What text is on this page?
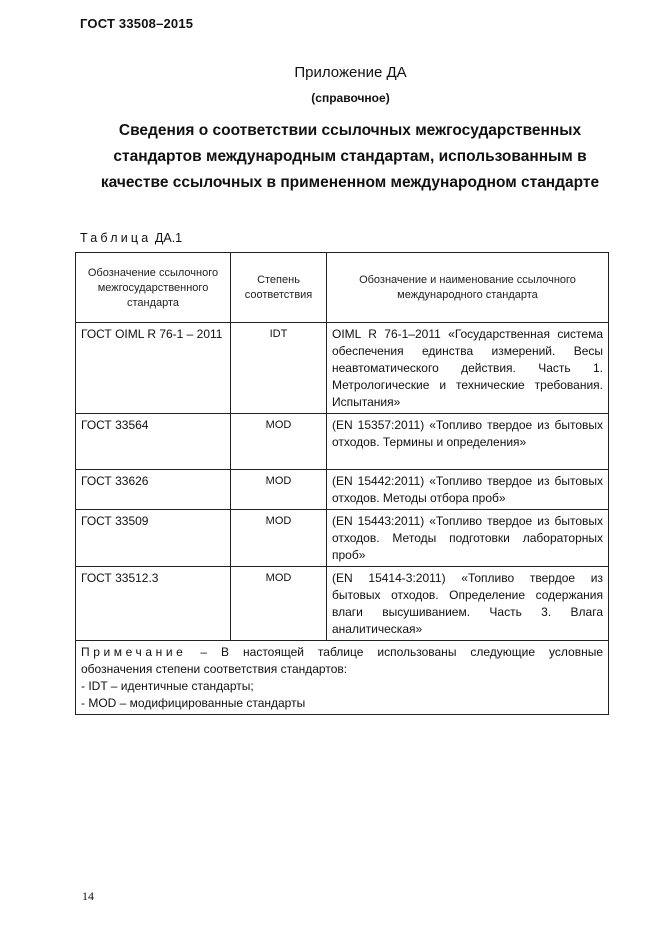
ГОСТ 33508–2015
Приложение ДА
(справочное)
Сведения о соответствии ссылочных межгосударственных стандартов международным стандартам, использованным в качестве ссылочных в примененном международном стандарте
Таблица ДА.1
Обозначение ссылочного межгосударственного стандарта	Степень соответствия	Обозначение и наименование ссылочного международного стандарта
ГОСТ OIML R 76-1 – 2011	IDT	OIML R 76-1–2011 «Государственная система обеспечения единства измерений. Весы неавтоматического действия. Часть 1. Метрологические и технические требования. Испытания»
ГОСТ 33564	MOD	(EN 15357:2011) «Топливо твердое из бытовых отходов. Термины и определения»
ГОСТ 33626	MOD	(EN 15442:2011) «Топливо твердое из бытовых отходов. Методы отбора проб»
ГОСТ 33509	MOD	(EN 15443:2011) «Топливо твердое из бытовых отходов. Методы подготовки лабораторных проб»
ГОСТ 33512.3	MOD	(EN 15414-3:2011) «Топливо твердое из бытовых отходов. Определение содержания влаги высушиванием. Часть 3. Влага аналитическая»

Примечание – В настоящей таблице использованы следующие условные обозначения степени соответствия стандартов:
- IDT – идентичные стандарты;
- MOD – модифицированные стандарты		
14
